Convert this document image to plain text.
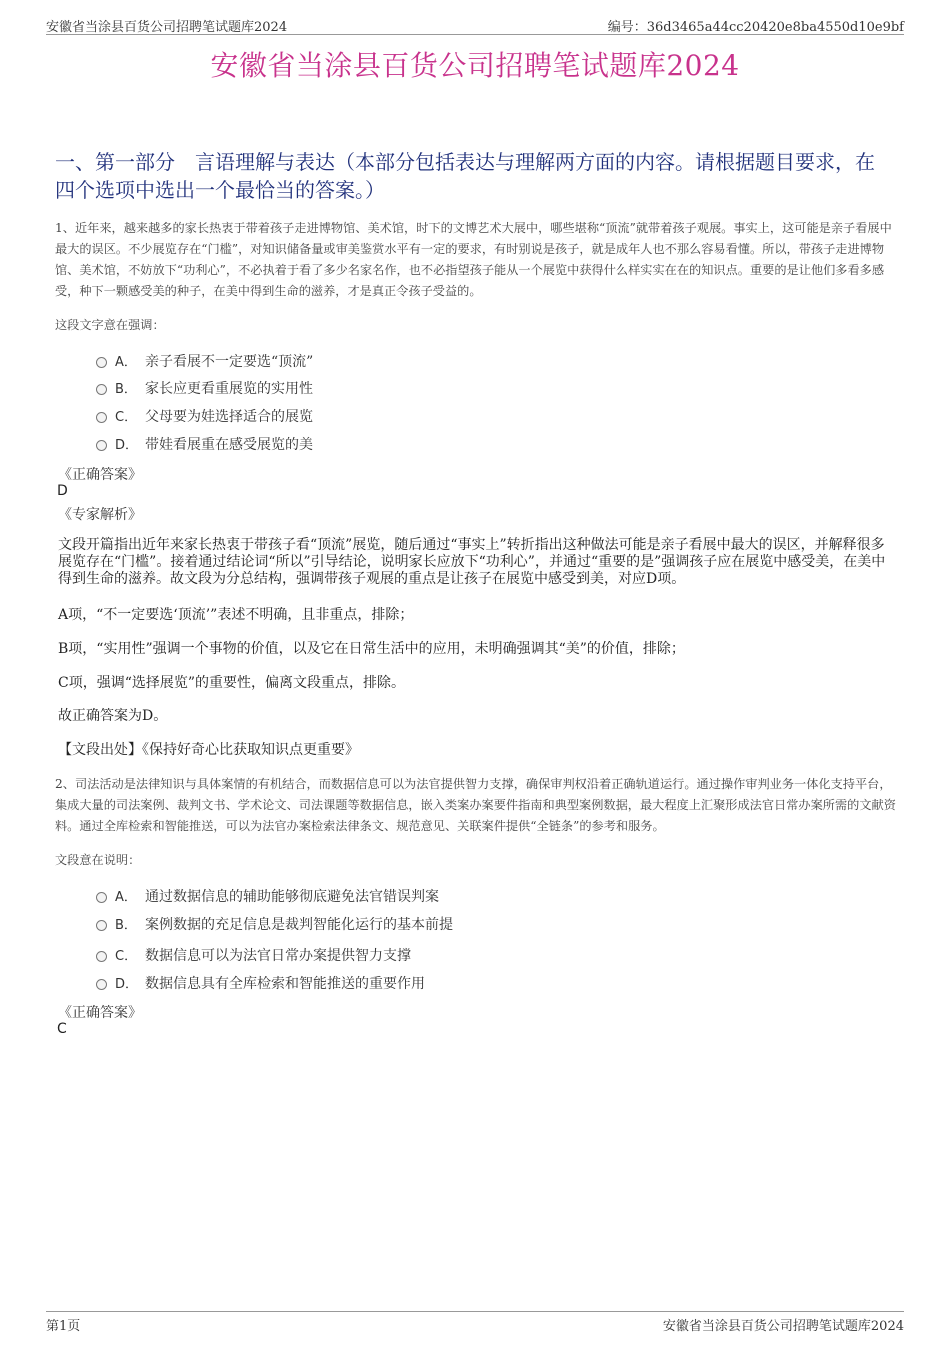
安徽省当涂县百货公司招聘笔试题库2024	编号：36d3465a44cc20420e8ba4550d10e9bf
安徽省当涂县百货公司招聘笔试题库2024
一、第一部分　言语理解与表达（本部分包括表达与理解两方面的内容。请根据题目要求，在四个选项中选出一个最恰当的答案。）
1、近年来，越来越多的家长热衷于带着孩子走进博物馆、美术馆，时下的文博艺术大展中，哪些堪称“顶流”就带着孩子观展。事实上，这可能是亲子看展中最大的误区。不少展览存在“门槛”，对知识储备量或审美鉴赏水平有一定的要求，有时别说是孩子，就是成年人也不那么容易看懂。所以，带孩子走进博物馆、美术馆，不妨放下“功利心”，不必执着于看了多少名家名作，也不必指望孩子能从一个展览中获得什么样实实在在的知识点。重要的是让他们多看多感受，种下一颗感受美的种子，在美中得到生命的滋养，才是真正令孩子受益的。
这段文字意在强调：
A． 亲子看展不一定要选“顶流”
B． 家长应更看重展览的实用性
C． 父母要为娃选择适合的展览
D． 带娃看展重在感受展览的美
《正确答案》
D
《专家解析》
文段开篇指出近年来家长热衷于带孩子看“顶流”展览，随后通过“事实上”转折指出这种做法可能是亲子看展中最大的误区，并解释很多展览存在“门槛”。接着通过结论词“所以”引导结论，说明家长应放下“功利心”，并通过“重要的是”强调孩子应在展览中感受美，在美中得到生命的滋养。故文段为分总结构，强调带孩子观展的重点是让孩子在展览中感受到美，对应D项。
A项，“不一定要选‘顶流’”表述不明确，且非重点，排除；
B项，“实用性”强调一个事物的价值，以及它在日常生活中的应用，未明确强调其“美”的价值，排除；
C项，强调“选择展览”的重要性，偏离文段重点，排除。
故正确答案为D。
【文段出处】《保持好奇心比获取知识点更重要》
2、司法活动是法律知识与具体案情的有机结合，而数据信息可以为法官提供智力支撑，确保审判权沿着正确轨道运行。通过操作审判业务一体化支持平台，集成大量的司法案例、裁判文书、学术论文、司法课题等数据信息，嵌入类案办案要件指南和典型案例数据，最大程度上汇聚形成法官日常办案所需的文献资料。通过全库检索和智能推送，可以为法官办案检索法律条文、规范意见、关联案件提供“全链条”的参考和服务。
文段意在说明：
A． 通过数据信息的辅助能够彻底避免法官错误判案
B． 案例数据的充足信息是裁判智能化运行的基本前提
C． 数据信息可以为法官日常办案提供智力支撑
D． 数据信息具有全库检索和智能推送的重要作用
《正确答案》
C
第1页	安徽省当涂县百货公司招聘笔试题库2024
